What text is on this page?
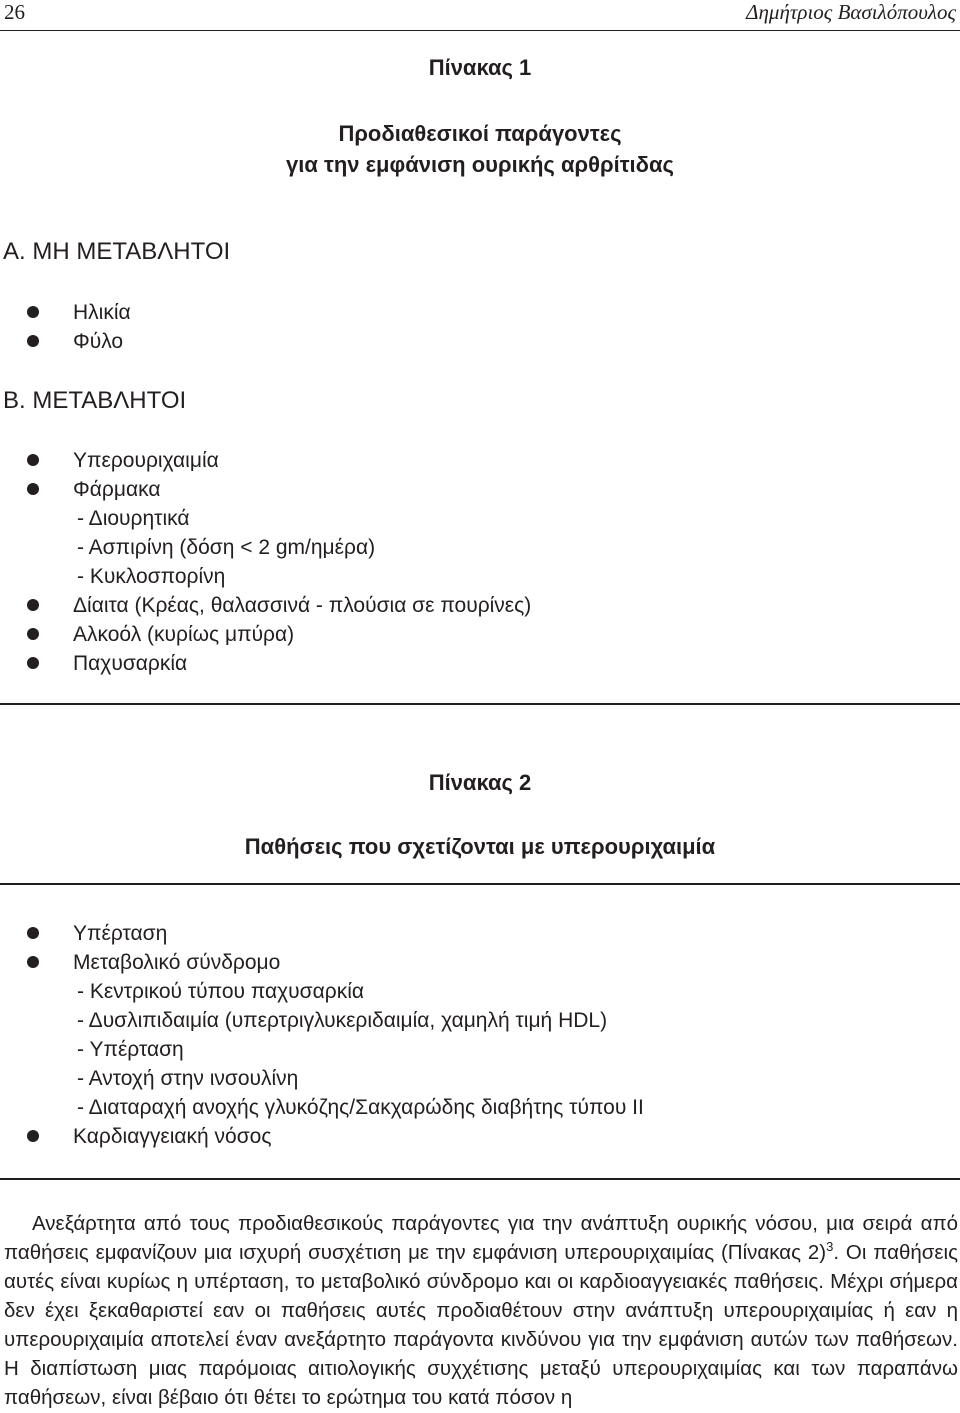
26	Δημήτριος Βασιλόπουλος
Πίνακας 1
Προδιαθεσικοί παράγοντες
για την εμφάνιση ουρικής αρθρίτιδας
Α. ΜΗ ΜΕΤΑΒΛΗΤΟΙ
Ηλικία
Φύλο
Β. ΜΕΤΑΒΛΗΤΟΙ
Υπερουριχαιμία
Φάρμακα
- Διουρητικά
- Ασπιρίνη (δόση < 2 gm/ημέρα)
- Κυκλοσπορίνη
Δίαιτα (Κρέας, θαλασσινά - πλούσια σε πουρίνες)
Αλκοόλ (κυρίως μπύρα)
Παχυσαρκία
Πίνακας 2
Παθήσεις που σχετίζονται με υπερουριχαιμία
Υπέρταση
Μεταβολικό σύνδρομο
- Κεντρικού τύπου παχυσαρκία
- Δυσλιπιδαιμία (υπερτριγλυκεριδαιμία, χαμηλή τιμή HDL)
- Υπέρταση
- Αντοχή στην ινσουλίνη
- Διαταραχή ανοχής γλυκόζης/Σακχαρώδης διαβήτης τύπου ΙΙ
Καρδιαγγειακή νόσος

Ανεξάρτητα από τους προδιαθεσικούς παράγοντες για την ανάπτυξη ουρικής νόσου, μια σειρά από παθήσεις εμφανίζουν μια ισχυρή συσχέτιση με την εμφάνιση υπερουριχαιμίας (Πίνακας 2)$^3$. Οι παθήσεις αυτές είναι κυρίως η υπέρταση, το μεταβολικό σύνδρομο και οι καρδιοαγγειακές παθήσεις. Μέχρι σήμερα δεν έχει ξεκαθαριστεί εαν οι παθήσεις αυτές προδιαθέτουν στην ανάπτυξη υπερουριχαιμίας ή εαν η υπερουριχαιμία αποτελεί έναν ανεξάρτητο παράγοντα κινδύνου για την εμφάνιση αυτών των παθήσεων. Η διαπίστωση μιας παρόμοιας αιτιολογικής συχχέτισης μεταξύ υπερουριχαιμίας και των παραπάνω παθήσεων, είναι βέβαιο ότι θέτει το ερώτημα του κατά πόσον η
